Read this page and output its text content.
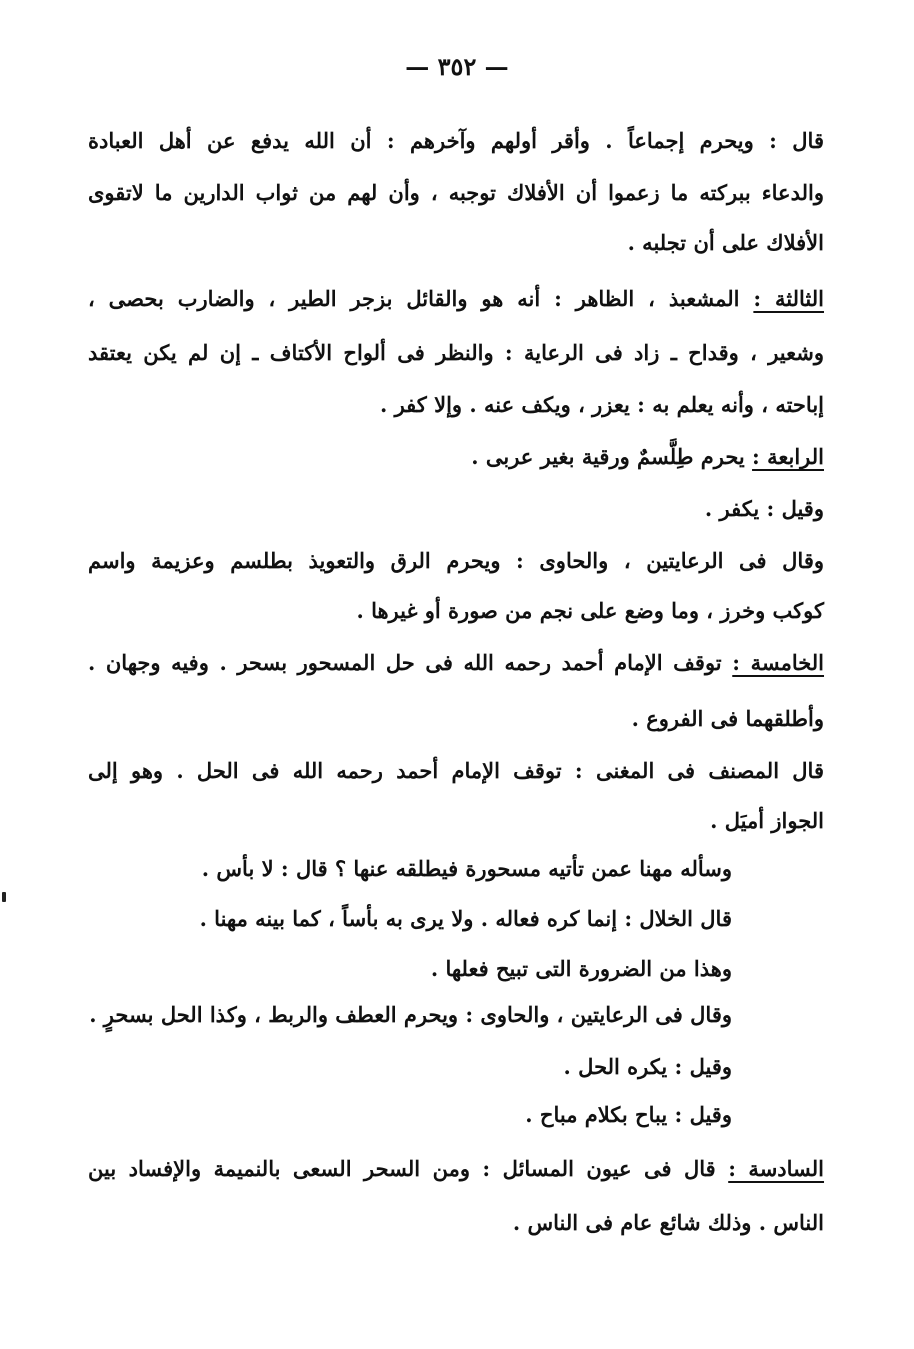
— ٣٥٢ —
قال : ويحرم إجماعاً . وأقر أولهم وآخرهم : أن الله يدفع عن أهل العبادة
والدعاء ببركته ما زعموا أن الأفلاك توجبه ، وأن لهم من ثواب الدارين ما لاتقوى
الأفلاك على أن تجلبه .
الثالثة : المشعبذ ، الظاهر : أنه هو والقائل بزجر الطير ، والضارب بحصى ،
وشعير ، وقداح ـ زاد فى الرعاية : والنظر فى ألواح الأكتاف ـ إن لم يكن يعتقد
إباحته ، وأنه يعلم به : يعزر ، ويكف عنه . وإلا كفر .
الرابعة : يحرم طِلَّسمٌ ورقية بغير عربى .
وقيل : يكفر .
وقال فى الرعايتين ، والحاوى : ويحرم الرق والتعويذ بطلسم وعزيمة واسم
كوكب وخرز ، وما وضع على نجم من صورة أو غيرها .
الخامسة : توقف الإمام أحمد رحمه الله فى حل المسحور بسحر . وفيه وجهان .
وأطلقهما فى الفروع .
قال المصنف فى المغنى : توقف الإمام أحمد رحمه الله فى الحل . وهو إلى
الجواز أميَل .
وسأله مهنا عمن تأتيه مسحورة فيطلقه عنها ؟ قال : لا بأس .
قال الخلال : إنما كره فعاله . ولا يرى به بأساً ، كما بينه مهنا .
وهذا من الضرورة التى تبيح فعلها .
وقال فى الرعايتين ، والحاوى : ويحرم العطف والربط ، وكذا الحل بسحرٍ .
وقيل : يكره الحل .
وقيل : يباح بكلام مباح .
السادسة : قال فى عيون المسائل : ومن السحر السعى بالنميمة والإفساد بين
الناس . وذلك شائع عام فى الناس .
